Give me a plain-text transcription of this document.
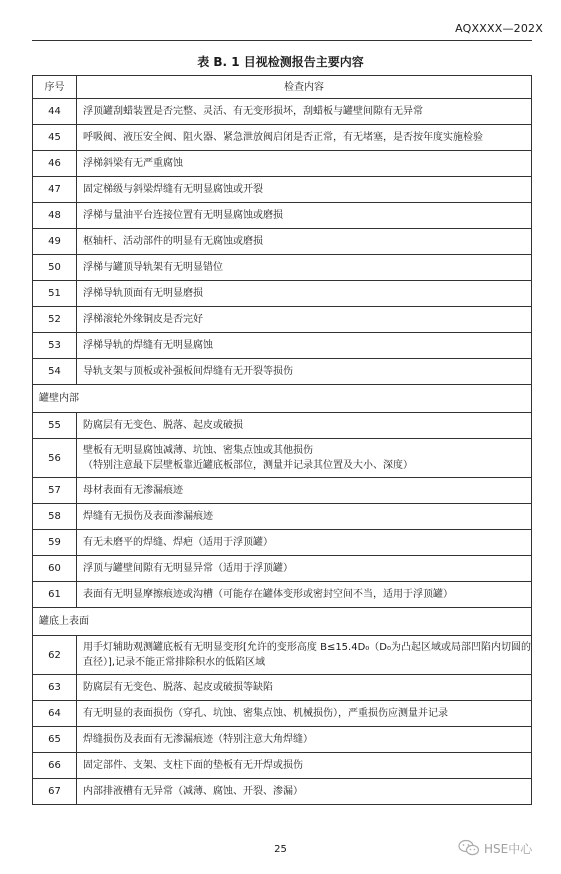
AQXXXX—202X
表 B. 1 目视检测报告主要内容
序号	检查内容
44	浮顶罐刮蜡装置是否完整、灵活、有无变形损坏，刮蜡板与罐壁间隙有无异常

45	呼吸阀、液压安全阀、阻火器、紧急泄放阀启闭是否正常，有无堵塞，是否按年度实施检验

46	浮梯斜梁有无严重腐蚀

47	固定梯级与斜梁焊缝有无明显腐蚀或开裂

48	浮梯与量油平台连接位置有无明显腐蚀或磨损

49	枢轴杆、活动部件的明显有无腐蚀或磨损

50	浮梯与罐顶导轨架有无明显错位

51	浮梯导轨顶面有无明显磨损

52	浮梯滚轮外缘铜皮是否完好

53	浮梯导轨的焊缝有无明显腐蚀

54	导轨支架与顶板或补强板间焊缝有无开裂等损伤

罐壁内部	
55	防腐层有无变色、脱落、起皮或破损

56	壁板有无明显腐蚀减薄、坑蚀、密集点蚀或其他损伤
（特别注意最下层壁板靠近罐底板部位，测量并记录其位置及大小、深度）

57	母材表面有无渗漏痕迹

58	焊缝有无损伤及表面渗漏痕迹

59	有无未磨平的焊缝、焊疤（适用于浮顶罐）

60	浮顶与罐壁间隙有无明显异常（适用于浮顶罐）

61	表面有无明显摩擦痕迹或沟槽（可能存在罐体变形或密封空间不当，适用于浮顶罐）

罐底上表面	
62	用手灯辅助观测罐底板有无明显变形[允许的变形高度 B≤15.4D₀（D₀为凸起区域或局部凹陷内切圆的
直径）],记录不能正常排除积水的低陷区域

63	防腐层有无变色、脱落、起皮或破损等缺陷

64	有无明显的表面损伤（穿孔、坑蚀、密集点蚀、机械损伤），严重损伤应测量并记录

65	焊缝损伤及表面有无渗漏痕迹（特别注意大角焊缝）

66	固定部件、支架、支柱下面的垫板有无开焊或损伤

67	内部排液槽有无异常（减薄、腐蚀、开裂、渗漏）
25	HSE中心
